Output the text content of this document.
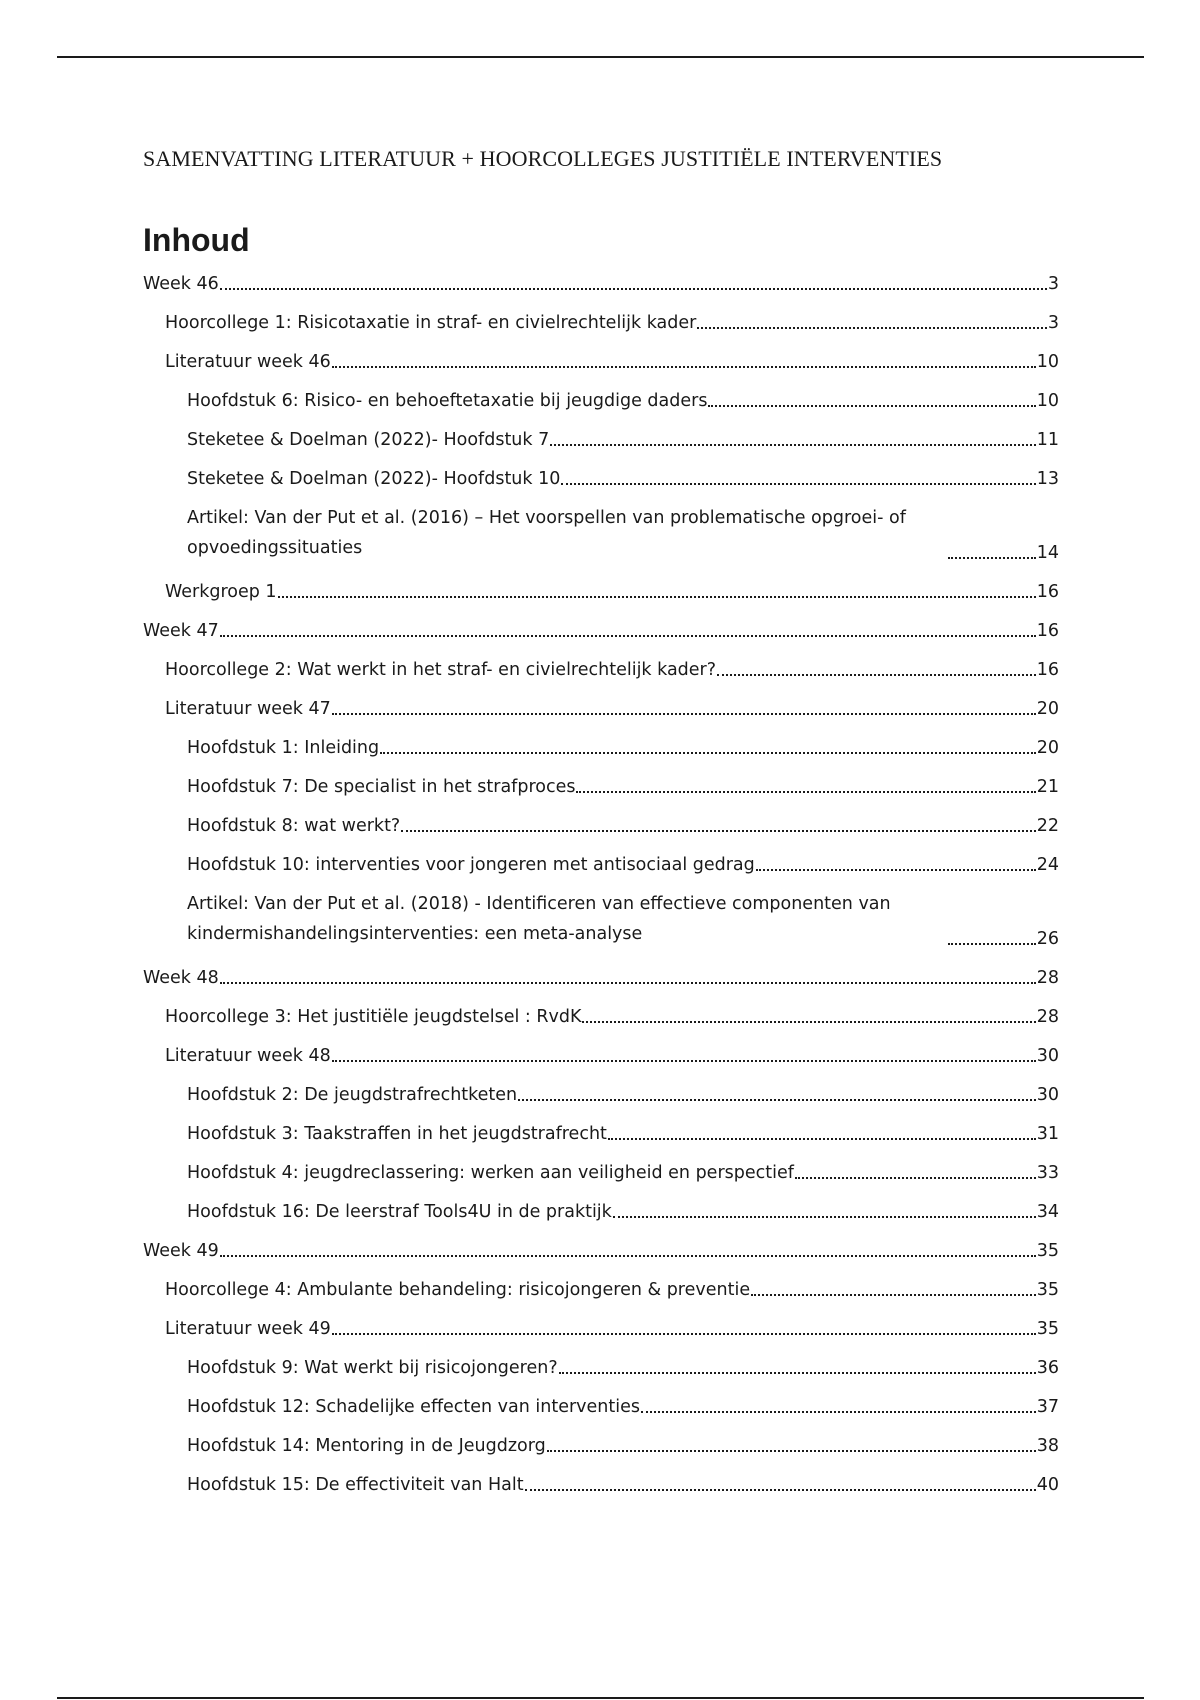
SAMENVATTING LITERATUUR + HOORCOLLEGES JUSTITIËLE INTERVENTIES
Inhoud
Week 46	3
Hoorcollege 1: Risicotaxatie in straf- en civielrechtelijk kader	3
Literatuur week 46	10
Hoofdstuk 6: Risico- en behoeftetaxatie bij jeugdige daders	10
Steketee & Doelman (2022)- Hoofdstuk 7	11
Steketee & Doelman (2022)- Hoofdstuk 10	13
Artikel: Van der Put et al. (2016) – Het voorspellen van problematische opgroei- of opvoedingssituaties	14
Werkgroep 1	16
Week 47	16
Hoorcollege 2: Wat werkt in het straf- en civielrechtelijk kader?	16
Literatuur week 47	20
Hoofdstuk 1: Inleiding	20
Hoofdstuk 7: De specialist in het strafproces	21
Hoofdstuk 8: wat werkt?	22
Hoofdstuk 10: interventies voor jongeren met antisociaal gedrag	24
Artikel: Van der Put et al. (2018) - Identificeren van effectieve componenten van kindermishandelingsinterventies: een meta-analyse	26
Week 48	28
Hoorcollege 3: Het justitiële jeugdstelsel : RvdK	28
Literatuur week 48	30
Hoofdstuk 2: De jeugdstrafrechtketen	30
Hoofdstuk 3: Taakstraffen in het jeugdstrafrecht	31
Hoofdstuk 4: jeugdreclassering: werken aan veiligheid en perspectief	33
Hoofdstuk 16: De leerstraf Tools4U in de praktijk	34
Week 49	35
Hoorcollege 4: Ambulante behandeling: risicojongeren & preventie	35
Literatuur week 49	35
Hoofdstuk 9: Wat werkt bij risicojongeren?	36
Hoofdstuk 12: Schadelijke effecten van interventies	37
Hoofdstuk 14: Mentoring in de Jeugdzorg	38
Hoofdstuk 15: De effectiviteit van Halt	40
